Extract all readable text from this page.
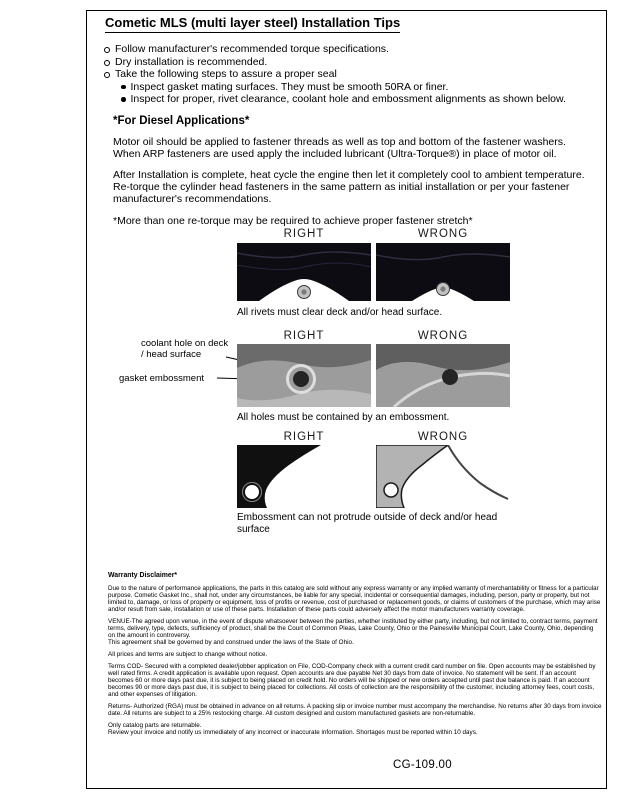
Cometic MLS (multi layer steel) Installation Tips
Follow manufacturer's recommended torque specifications.
Dry installation is recommended.
Take the following steps to assure a proper seal
Inspect gasket mating surfaces. They must be smooth 50RA or finer.
Inspect for proper, rivet clearance, coolant hole and embossment alignments as shown below.
*For Diesel Applications*

Motor oil should be applied to fastener threads as well as top and bottom of the fastener washers. When ARP fasteners are used apply the included lubricant (Ultra-Torque®) in place of motor oil.

After Installation is complete, heat cycle the engine then let it completely cool to ambient temperature. Re-torque the cylinder head fasteners in the same pattern as initial installation or per your fastener manufacturer's recommendations.

*More than one re-torque may be required to achieve proper fastener stretch*

RIGHT	WRONG
All rivets must clear deck and/or head surface.
RIGHT	WRONG
coolant hole on deck / head surface
gasket embossment
All holes must be contained by an embossment.
RIGHT	WRONG
Embossment can not protrude outside of deck and/or head surface
Warranty Disclaimer*

Due to the nature of performance applications, the parts in this catalog are sold without any express warranty or any implied warranty of merchantability or fitness for a particular purpose. Cometic Gasket Inc., shall not, under any circumstances, be liable for any special, incidental or consequential damages, including, person, party or property, but not limited to, damage, or loss of property or equipment, loss of profits or revenue, cost of purchased or replacement goods, or claims of customers of the purchase, which may arise and/or result from sale, installation or use of these parts. Installation of these parts could adversely affect the motor manufacturers warranty coverage.

VENUE-The agreed upon venue, in the event of dispute whatsoever between the parties, whether instituted by either party, including, but not limited to, contract terms, payment terms, delivery, type, defects, sufficiency of product, shall be the Court of Common Pleas, Lake County, Ohio or the Painesville Municipal Court, Lake County, Ohio, depending on the amount in controversy.

This agreement shall be governed by and construed under the laws of the State of Ohio.

All prices and terms are subject to change without notice.

Terms COD- Secured with a completed dealer/jobber application on File, COD-Company check with a current credit card number on file. Open accounts may be established by well rated firms. A credit application is available upon request. Open accounts are due payable Net 30 days from date of invoice. No statement will be sent. If an account becomes 60 or more days past due, it is subject to being placed on credit hold. No orders will be shipped or new orders accepted until past due balance is paid. If an account becomes 90 or more days past due, it is subject to being placed for collections. All costs of collection are the responsibility of the customer, including attorney fees, court costs, and other expenses of litigation.

Returns- Authorized (RGA) must be obtained in advance on all returns. A packing slip or invoice number must accompany the merchandise. No returns after 30 days from invoice date. All returns are subject to a 25% restocking charge. All custom designed and custom manufactured gaskets are non-returnable.

Only catalog parts are returnable.

Review your invoice and notify us immediately of any incorrect or inaccurate information. Shortages must be reported within 10 days.

CG-109.00
